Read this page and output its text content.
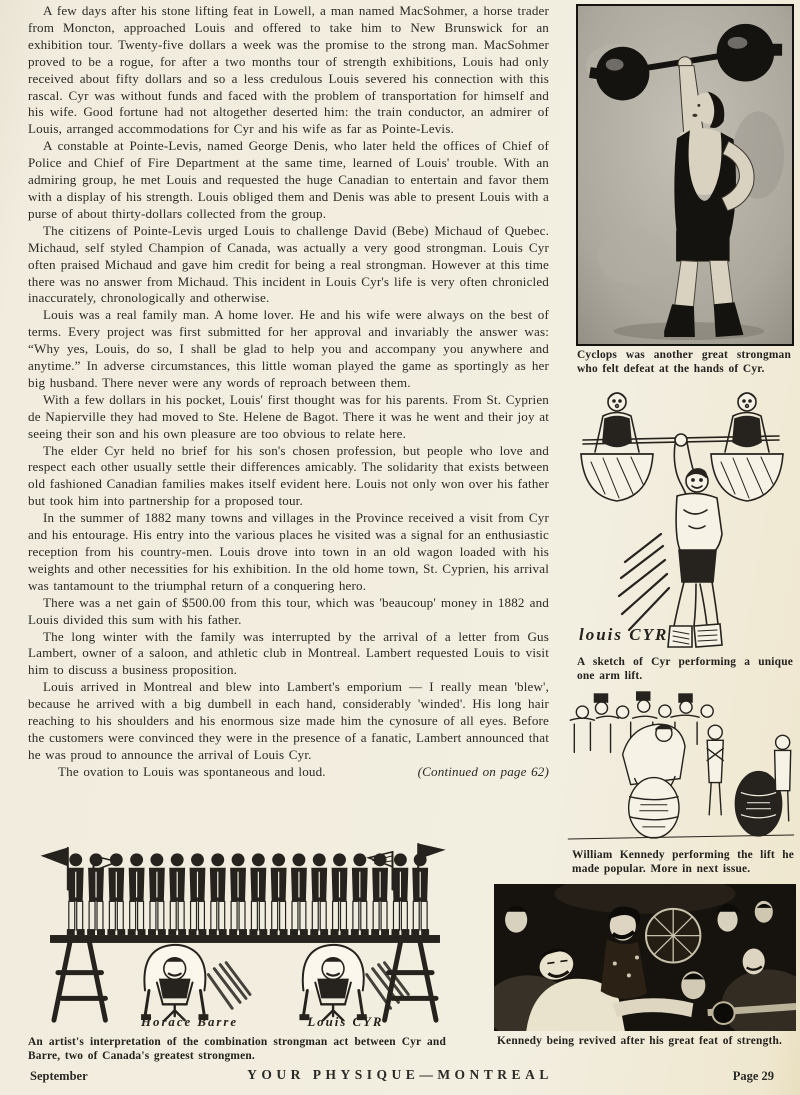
A few days after his stone lifting feat in Lowell, a man named MacSohmer, a horse trader from Moncton, approached Louis and offered to take him to New Brunswick for an exhibition tour. Twenty-five dollars a week was the promise to the strong man. MacSohmer proved to be a rogue, for after a two months tour of strength exhibitions, Louis had only received about fifty dollars and so a less credulous Louis severed his connection with this rascal. Cyr was without funds and faced with the problem of transportation for himself and his wife. Good fortune had not altogether deserted him: the train conductor, an admirer of Louis, arranged accommodations for Cyr and his wife as far as Pointe-Levis.

A constable at Pointe-Levis, named George Denis, who later held the offices of Chief of Police and Chief of Fire Department at the same time, learned of Louis' trouble. With an admiring group, he met Louis and requested the huge Canadian to entertain and favor them with a display of his strength. Louis obliged them and Denis was able to present Louis with a purse of about thirty-dollars collected from the group.

The citizens of Pointe-Levis urged Louis to challenge David (Bebe) Michaud of Quebec. Michaud, self styled Champion of Canada, was actually a very good strongman. Louis Cyr often praised Michaud and gave him credit for being a real strongman. However at this time there was no answer from Michaud. This incident in Louis Cyr's life is very often chronicled inaccurately, chronologically and otherwise.

Louis was a real family man. A home lover. He and his wife were always on the best of terms. Every project was first submitted for her approval and invariably the answer was: “Why yes, Louis, do so, I shall be glad to help you and accompany you anywhere and anytime.” In adverse circumstances, this little woman played the game as sportingly as her big husband. There never were any words of reproach between them.

With a few dollars in his pocket, Louis' first thought was for his parents. From St. Cyprien de Napierville they had moved to Ste. Helene de Bagot. There it was he went and their joy at seeing their son and his own pleasure are too obvious to relate here.

The elder Cyr held no brief for his son's chosen profession, but people who love and respect each other usually settle their differences amicably. The solidarity that exists between old fashioned Canadian families makes itself evident here. Louis not only won over his father but took him into partnership for a proposed tour.

In the summer of 1882 many towns and villages in the Province received a visit from Cyr and his entourage. His entry into the various places he visited was a signal for an enthusiastic reception from his country-men. Louis drove into town in an old wagon loaded with his weights and other necessities for his exhibition. In the old home town, St. Cyprien, his arrival was tantamount to the triumphal return of a conquering hero.

There was a net gain of $500.00 from this tour, which was 'beaucoup' money in 1882 and Louis divided this sum with his father.

The long winter with the family was interrupted by the arrival of a letter from Gus Lambert, owner of a saloon, and athletic club in Montreal. Lambert requested Louis to visit him to discuss a business proposition.

Louis arrived in Montreal and blew into Lambert's emporium — I really mean 'blew', because he arrived with a big dumbell in each hand, considerably 'winded'. His long hair reaching to his shoulders and his enormous size made him the cynosure of all eyes. Before the customers were convinced they were in the presence of a fanatic, Lambert announced that he was proud to announce the arrival of Louis Cyr.

The ovation to Louis was spontaneous and loud.	(Continued on page 62)
Cyclops was another great strongman who felt defeat at the hands of Cyr.
louis CYR
A sketch of Cyr performing a unique one arm lift.
William Kennedy performing the lift he made popular. More in next issue.
Kennedy being revived after his great feat of strength.
Horace Barre	Louis CYR
An artist's interpretation of the combination strongman act between Cyr and Barre, two of Canada's greatest strongmen.
September	YOUR PHYSIQUE—MONTREAL	Page 29
